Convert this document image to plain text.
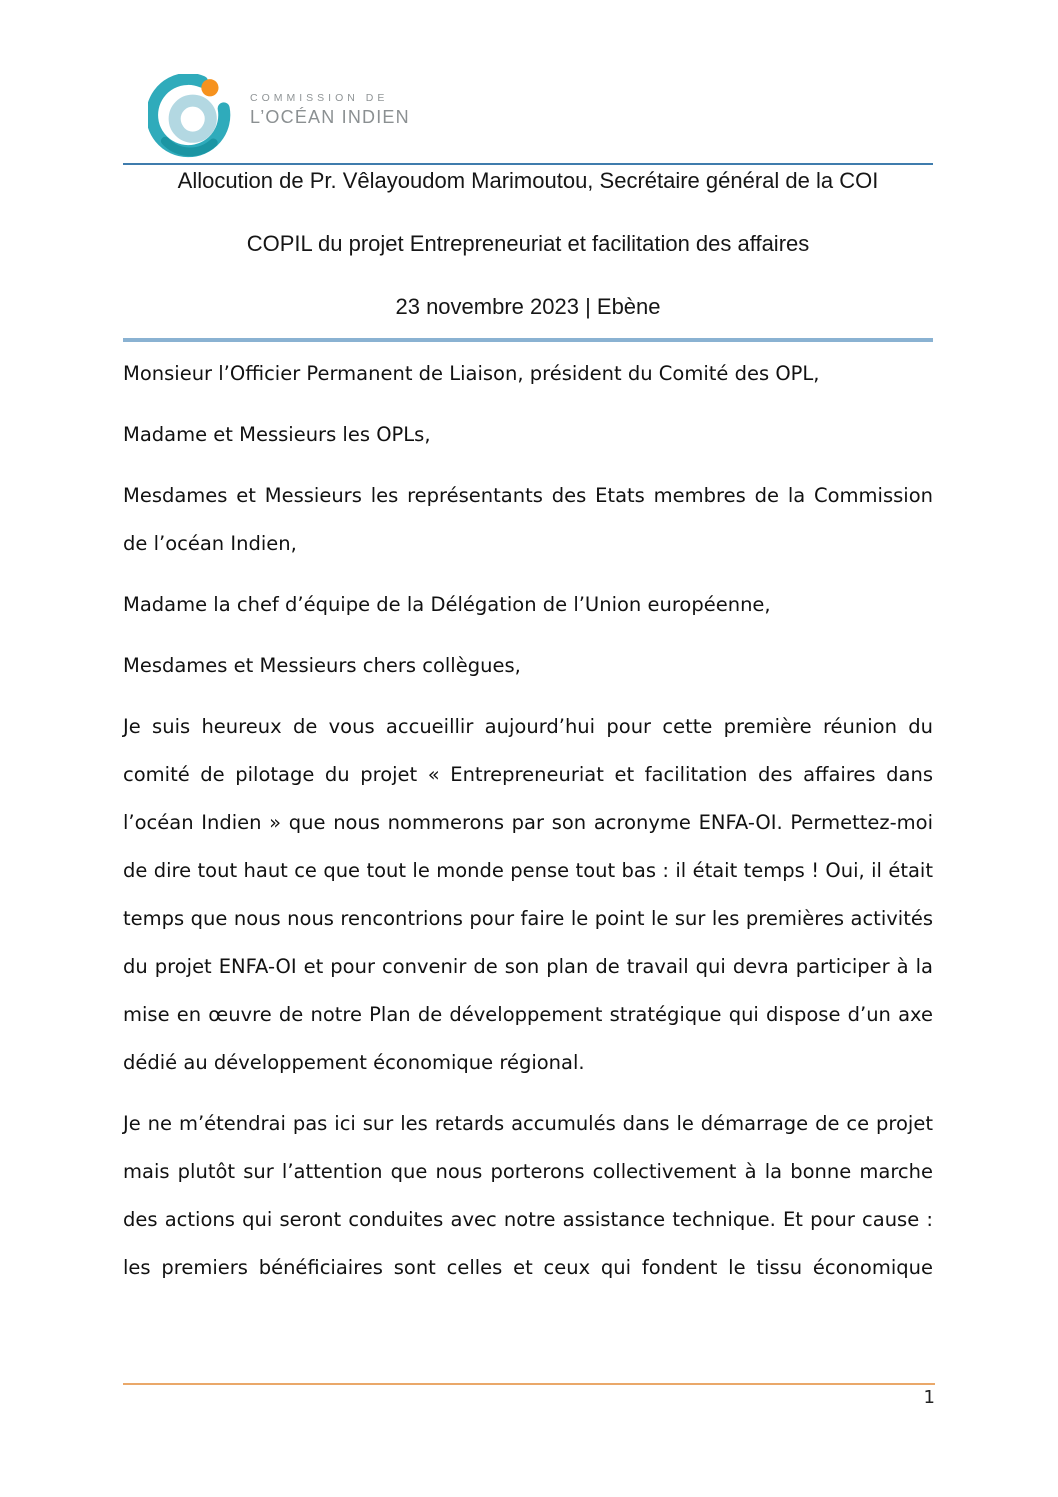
COMMISSION DE
L’OCÉAN INDIEN

Allocution de Pr. Vêlayoudom Marimoutou, Secrétaire général de la COI

COPIL du projet Entrepreneuriat et facilitation des affaires

23 novembre 2023 | Ebène

Monsieur l’Officier Permanent de Liaison, président du Comité des OPL,

Madame et Messieurs les OPLs,

Mesdames et Messieurs les représentants des Etats membres de la Commission de l’océan Indien,

Madame la chef d’équipe de la Délégation de l’Union européenne,

Mesdames et Messieurs chers collègues,

Je suis heureux de vous accueillir aujourd’hui pour cette première réunion du comité de pilotage du projet « Entrepreneuriat et facilitation des affaires dans l’océan Indien » que nous nommerons par son acronyme ENFA-OI. Permettez-moi de dire tout haut ce que tout le monde pense tout bas : il était temps ! Oui, il était temps que nous nous rencontrions pour faire le point le sur les premières activités du projet ENFA-OI et pour convenir de son plan de travail qui devra participer à la mise en œuvre de notre Plan de développement stratégique qui dispose d’un axe dédié au développement économique régional.

Je ne m’étendrai pas ici sur les retards accumulés dans le démarrage de ce projet mais plutôt sur l’attention que nous porterons collectivement à la bonne marche des actions qui seront conduites avec notre assistance technique. Et pour cause : les premiers bénéficiaires sont celles et ceux qui fondent le tissu économique

1
